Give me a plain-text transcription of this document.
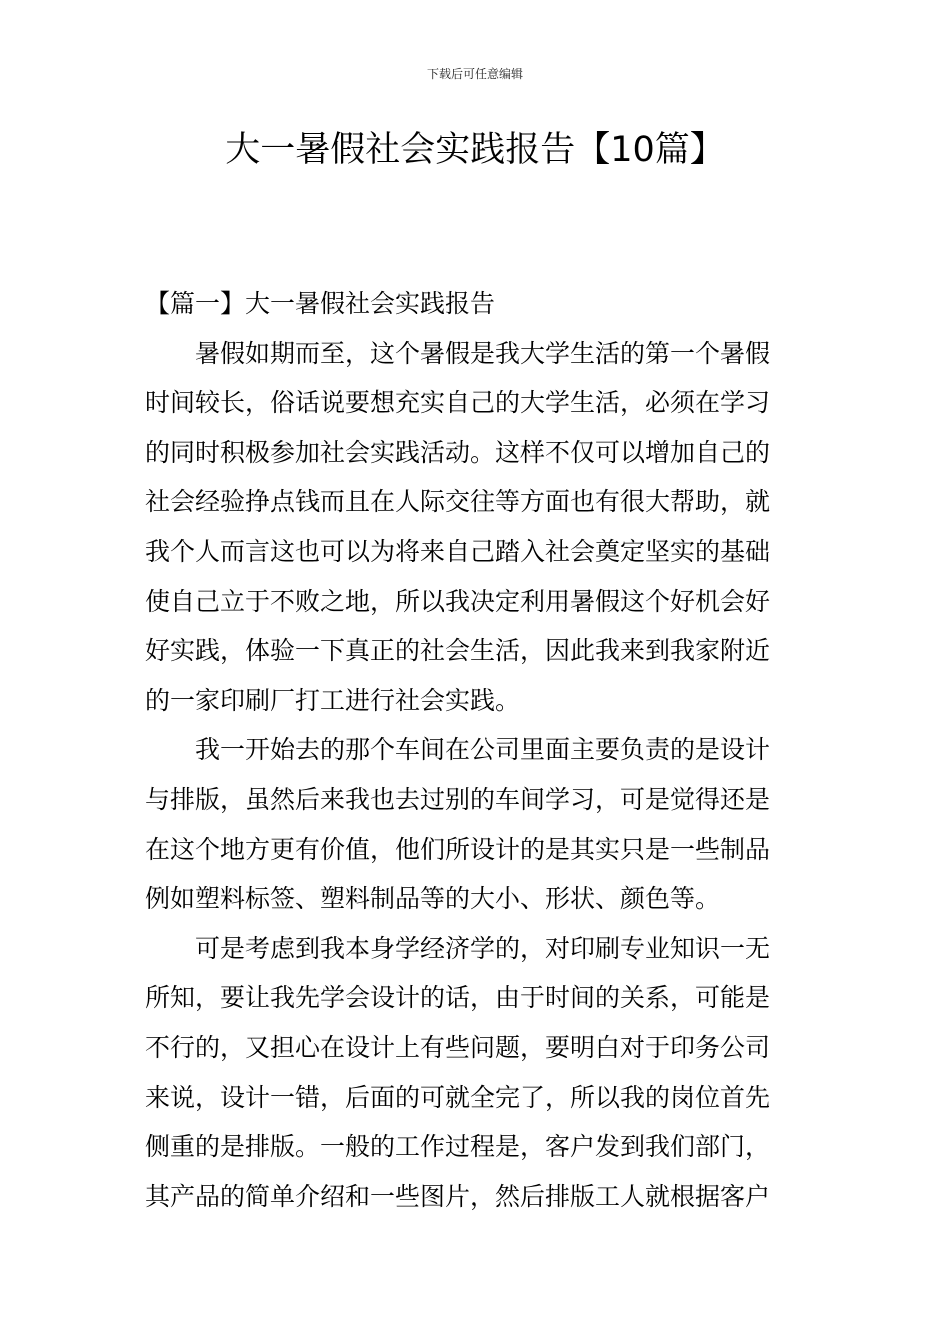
下载后可任意编辑
大一暑假社会实践报告【10篇】

【篇一】大一暑假社会实践报告

暑假如期而至，这个暑假是我大学生活的第一个暑假
时间较长，俗话说要想充实自己的大学生活，必须在学习
的同时积极参加社会实践活动。这样不仅可以增加自己的
社会经验挣点钱而且在人际交往等方面也有很大帮助，就
我个人而言这也可以为将来自己踏入社会奠定坚实的基础
使自己立于不败之地，所以我决定利用暑假这个好机会好
好实践，体验一下真正的社会生活，因此我来到我家附近
的一家印刷厂打工进行社会实践。
我一开始去的那个车间在公司里面主要负责的是设计
与排版，虽然后来我也去过别的车间学习，可是觉得还是
在这个地方更有价值，他们所设计的是其实只是一些制品
例如塑料标签、塑料制品等的大小、形状、颜色等。
可是考虑到我本身学经济学的，对印刷专业知识一无
所知，要让我先学会设计的话，由于时间的关系，可能是
不行的，又担心在设计上有些问题，要明白对于印务公司
来说，设计一错，后面的可就全完了，所以我的岗位首先
侧重的是排版。一般的工作过程是，客户发到我们部门，
其产品的简单介绍和一些图片，然后排版工人就根据客户
